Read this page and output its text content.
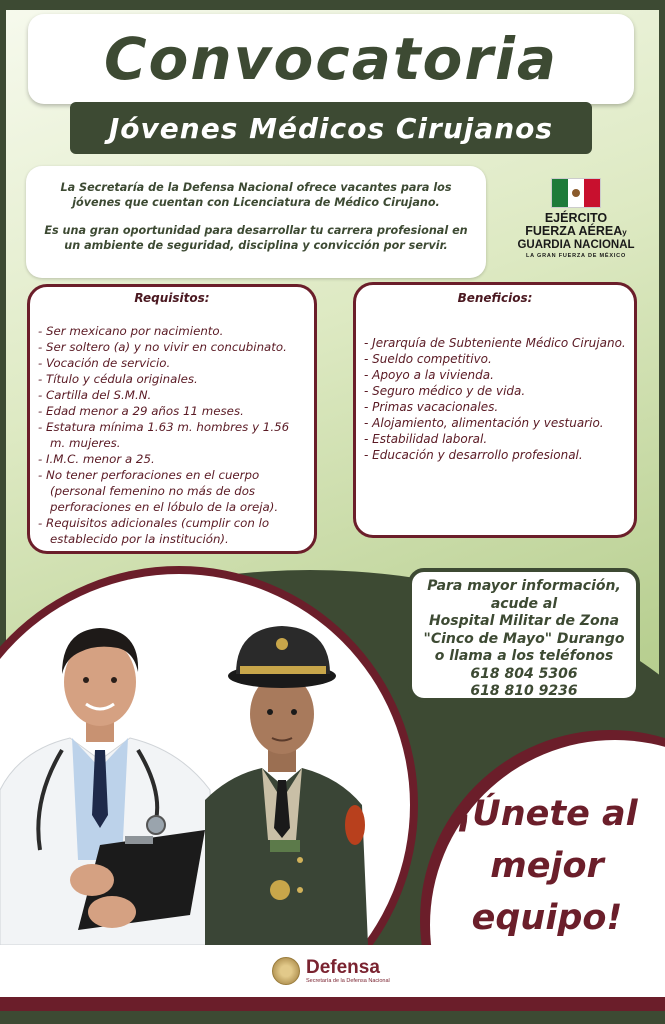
Convocatoria
Jóvenes Médicos Cirujanos

La Secretaría de la Defensa Nacional ofrece vacantes para los jóvenes que cuentan con Licenciatura de Médico Cirujano.

Es una gran oportunidad para desarrollar tu carrera profesional en un ambiente de seguridad, disciplina y convicción por servir.

EJÉRCITO
FUERZA AÉREAy
GUARDIA NACIONAL
LA GRAN FUERZA DE MÉXICO
Requisitos:
- Ser mexicano por nacimiento.
- Ser soltero (a) y no vivir en concubinato.
- Vocación de servicio.
- Título y cédula originales.
- Cartilla del S.M.N.
- Edad menor a 29 años 11 meses.
- Estatura mínima 1.63 m. hombres y 1.56 m. mujeres.
- I.M.C. menor a 25.
- No tener perforaciones en el cuerpo (personal femenino no más de dos perforaciones en el lóbulo de la oreja).
- Requisitos adicionales (cumplir con lo establecido por la institución).
Beneficios:
- Jerarquía de Subteniente Médico Cirujano.
- Sueldo competitivo.
- Apoyo a la vivienda.
- Seguro médico y de vida.
- Primas vacacionales.
- Alojamiento, alimentación y vestuario.
- Estabilidad laboral.
- Educación y desarrollo profesional.
Para mayor información,
acude al
Hospital Militar de Zona
"Cinco de Mayo" Durango
o llama a los teléfonos
618 804 5306
618 810 9236
¡Únete al
mejor
equipo!
Defensa
Secretaría de la Defensa Nacional
